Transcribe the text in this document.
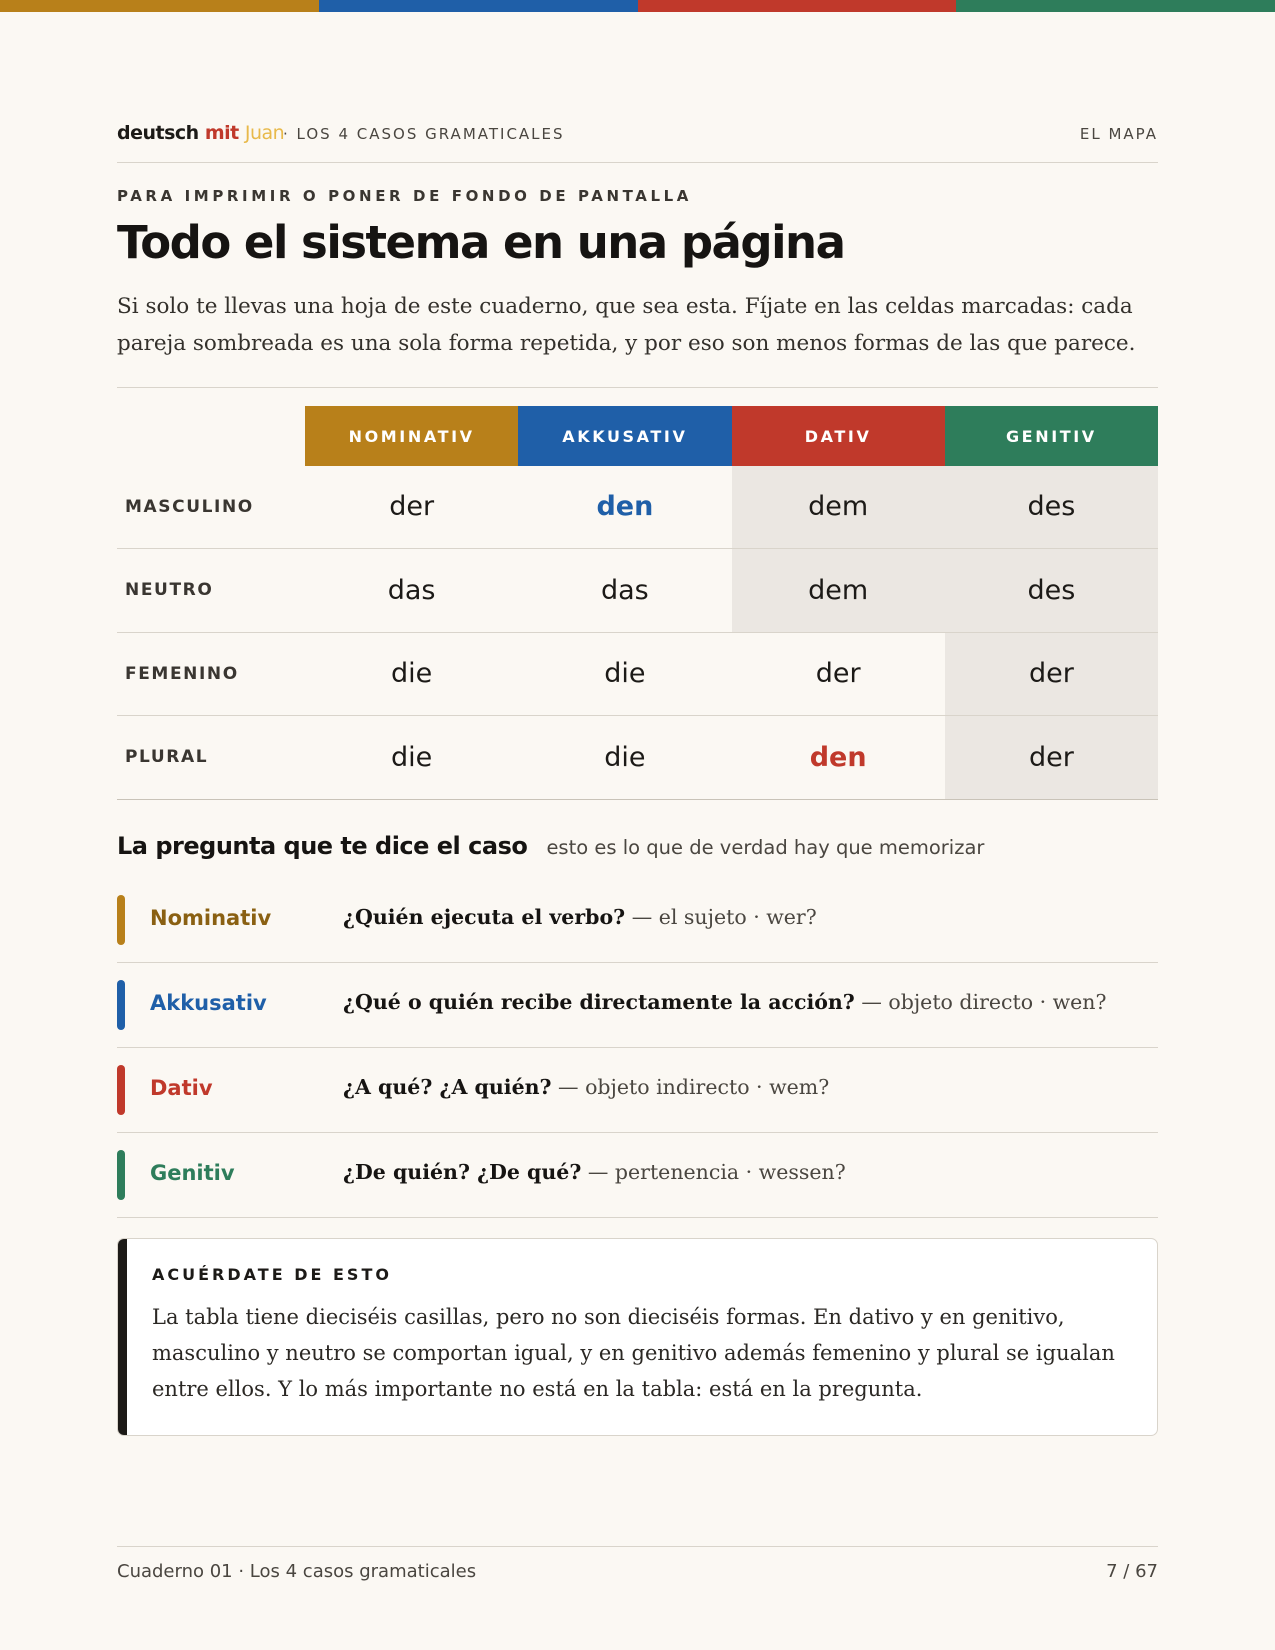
deutsch mit Juan
· LOS 4 CASOS GRAMATICALES	EL MAPA
PARA IMPRIMIR O PONER DE FONDO DE PANTALLA
Todo el sistema en una página

Si solo te llevas una hoja de este cuaderno, que sea esta. Fíjate en las celdas marcadas: cada pareja sombreada es una sola forma repetida, y por eso son menos formas de las que parece.

	NOMINATIV	AKKUSATIV	DATIV	GENITIV
MASCULINO	der	den	dem	des
NEUTRO	das	das	dem	des
FEMENINO	die	die	der	der
PLURAL	die	die	den	der
La pregunta que te dice el caso esto es lo que de verdad hay que memorizar
Nominativ	¿Quién ejecuta el verbo? — el sujeto · wer?
Akkusativ	¿Qué o quién recibe directamente la acción? — objeto directo · wen?
Dativ	¿A qué? ¿A quién? — objeto indirecto · wem?
Genitiv	¿De quién? ¿De qué? — pertenencia · wessen?
ACUÉRDATE DE ESTO

La tabla tiene dieciséis casillas, pero no son dieciséis formas. En dativo y en genitivo, masculino y neutro se comportan igual, y en genitivo además femenino y plural se igualan entre ellos. Y lo más importante no está en la tabla: está en la pregunta.

Cuaderno 01 · Los 4 casos gramaticales	7 / 67
